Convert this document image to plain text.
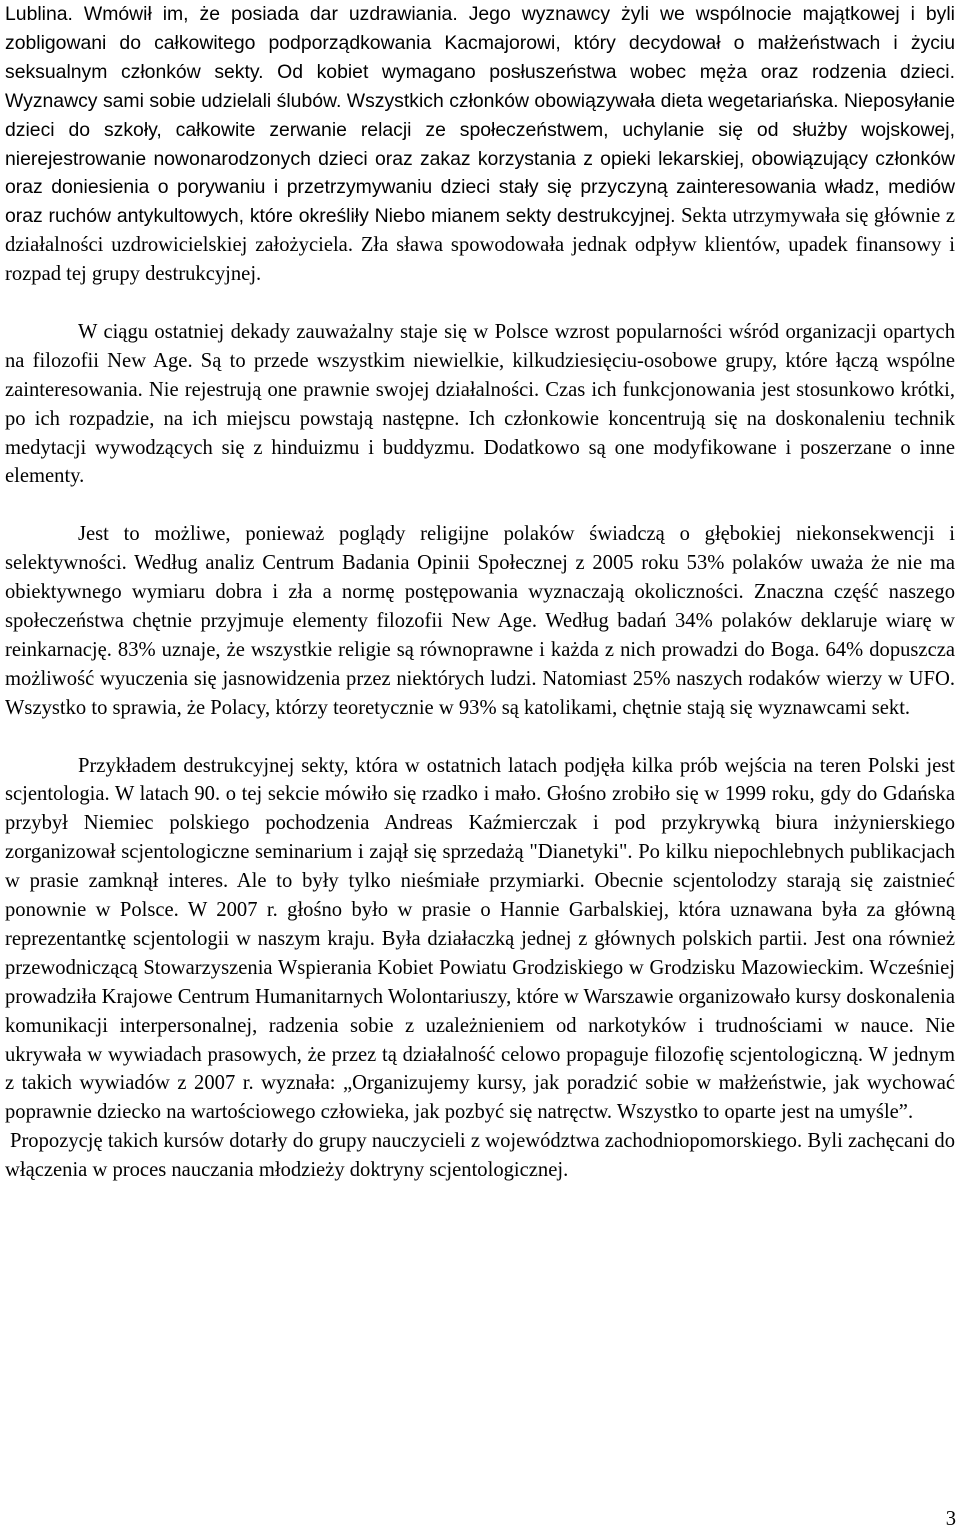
Lublina. Wmówił im, że posiada dar uzdrawiania. Jego wyznawcy żyli we wspólnocie majątkowej i byli zobligowani do całkowitego podporządkowania Kacmajorowi, który decydował o małżeństwach i życiu seksualnym członków sekty. Od kobiet wymagano posłuszeństwa wobec męża oraz rodzenia dzieci. Wyznawcy sami sobie udzielali ślubów. Wszystkich członków obowiązywała dieta wegetariańska. Nieposyłanie dzieci do szkoły, całkowite zerwanie relacji ze społeczeństwem, uchylanie się od służby wojskowej, nierejestrowanie nowonarodzonych dzieci oraz zakaz korzystania z opieki lekarskiej, obowiązujący członków oraz doniesienia o porywaniu i przetrzymywaniu dzieci stały się przyczyną zainteresowania władz, mediów oraz ruchów antykultowych, które określiły Niebo mianem sekty destrukcyjnej. Sekta utrzymywała się głównie z działalności uzdrowicielskiej założyciela. Zła sława spowodowała jednak odpływ klientów, upadek finansowy i rozpad tej grupy destrukcyjnej.

W ciągu ostatniej dekady zauważalny staje się w Polsce wzrost popularności wśród organizacji opartych na filozofii New Age. Są to przede wszystkim niewielkie, kilkudziesięciu-osobowe grupy, które łączą wspólne zainteresowania. Nie rejestrują one prawnie swojej działalności. Czas ich funkcjonowania jest stosunkowo krótki, po ich rozpadzie, na ich miejscu powstają następne. Ich członkowie koncentrują się na doskonaleniu technik medytacji wywodzących się z hinduizmu i buddyzmu. Dodatkowo są one modyfikowane i poszerzane o inne elementy.

Jest to możliwe, ponieważ poglądy religijne polaków świadczą o głębokiej niekonsekwencji i selektywności. Według analiz Centrum Badania Opinii Społecznej z 2005 roku 53% polaków uważa że nie ma obiektywnego wymiaru dobra i zła a normę postępowania wyznaczają okoliczności. Znaczna część naszego społeczeństwa chętnie przyjmuje elementy filozofii New Age. Według badań 34% polaków deklaruje wiarę w reinkarnację. 83% uznaje, że wszystkie religie są równoprawne i każda z nich prowadzi do Boga. 64% dopuszcza możliwość wyuczenia się jasnowidzenia przez niektórych ludzi. Natomiast 25% naszych rodaków wierzy w UFO. Wszystko to sprawia, że Polacy, którzy teoretycznie w 93% są katolikami, chętnie stają się wyznawcami sekt.

Przykładem destrukcyjnej sekty, która w ostatnich latach podjęła kilka prób wejścia na teren Polski jest scjentologia. W latach 90. o tej sekcie mówiło się rzadko i mało. Głośno zrobiło się w 1999 roku, gdy do Gdańska przybył Niemiec polskiego pochodzenia Andreas Kaźmierczak i pod przykrywką biura inżynierskiego zorganizował scjentologiczne seminarium i zajął się sprzedażą "Dianetyki". Po kilku niepochlebnych publikacjach w prasie zamknął interes. Ale to były tylko nieśmiałe przymiarki. Obecnie scjentolodzy starają się zaistnieć ponownie w Polsce. W 2007 r. głośno było w prasie o Hannie Garbalskiej, która uznawana była za główną reprezentantkę scjentologii w naszym kraju. Była działaczką jednej z głównych polskich partii. Jest ona również przewodniczącą Stowarzyszenia Wspierania Kobiet Powiatu Grodziskiego w Grodzisku Mazowieckim. Wcześniej prowadziła Krajowe Centrum Humanitarnych Wolontariuszy, które w Warszawie organizowało kursy doskonalenia komunikacji interpersonalnej, radzenia sobie z uzależnieniem od narkotyków i trudnościami w nauce. Nie ukrywała w wywiadach prasowych, że przez tą działalność celowo propaguje filozofię scjentologiczną. W jednym z takich wywiadów z 2007 r. wyznała: „Organizujemy kursy, jak poradzić sobie w małżeństwie, jak wychować poprawnie dziecko na wartościowego człowieka, jak pozbyć się natręctw. Wszystko to oparte jest na umyśle”.

Propozycję takich kursów dotarły do grupy nauczycieli z województwa zachodniopomorskiego. Byli zachęcani do włączenia w proces nauczania młodzieży doktryny scjentologicznej.

3
